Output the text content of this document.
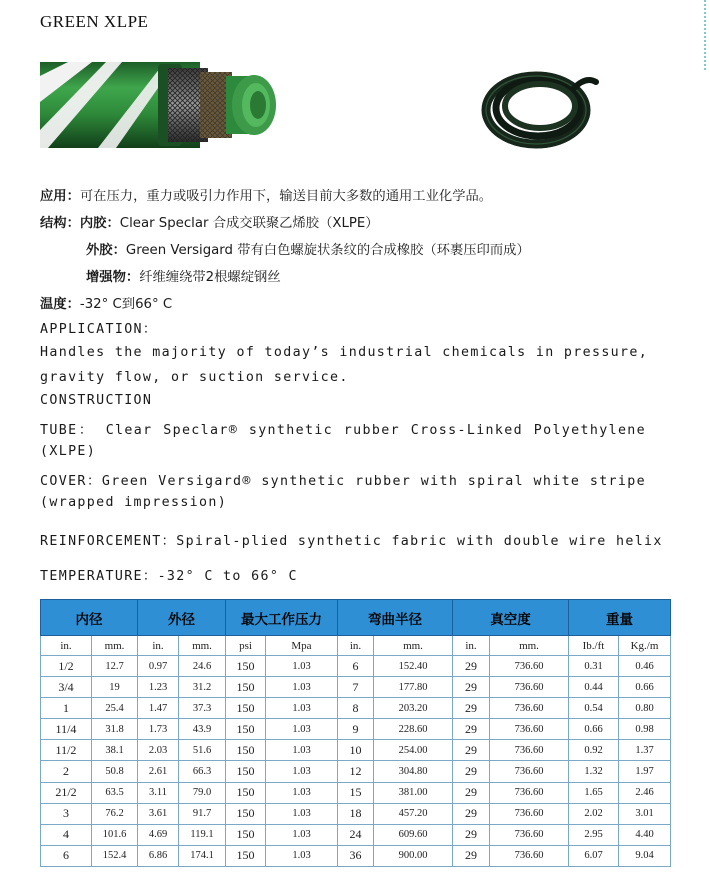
GREEN XLPE
应用：可在压力，重力或吸引力作用下，输送目前大多数的通用工业化学品。
结构：内胶：Clear Speclar 合成交联聚乙烯胶（XLPE）
外胶：Green Versigard 带有白色螺旋状条纹的合成橡胶（环裹压印而成）
增强物：纤维缠绕带2根螺绽钢丝
温度：-32° C到66° C
APPLICATION：
Handles the majority of today’s industrial chemicals in pressure,
gravity flow, or suction service.
CONSTRUCTION
TUBE： Clear Speclar® synthetic rubber Cross-Linked Polyethylene
(XLPE)
COVER：Green Versigard® synthetic rubber with spiral white stripe
(wrapped impression)
REINFORCEMENT：Spiral-plied synthetic fabric with double wire helix
TEMPERATURE：-32° C to 66° C
内径		外径		最大工作压力		弯曲半径		真空度		重量	
in.	mm.	in.	mm.	psi	Mpa	in.	mm.	in.	mm.	Ib./ft	Kg./m
1/2	12.7	0.97	24.6	150	1.03	6	152.40	29	736.60	0.31	0.46
3/4	19	1.23	31.2	150	1.03	7	177.80	29	736.60	0.44	0.66
1	25.4	1.47	37.3	150	1.03	8	203.20	29	736.60	0.54	0.80
11/4	31.8	1.73	43.9	150	1.03	9	228.60	29	736.60	0.66	0.98
11/2	38.1	2.03	51.6	150	1.03	10	254.00	29	736.60	0.92	1.37
2	50.8	2.61	66.3	150	1.03	12	304.80	29	736.60	1.32	1.97
21/2	63.5	3.11	79.0	150	1.03	15	381.00	29	736.60	1.65	2.46
3	76.2	3.61	91.7	150	1.03	18	457.20	29	736.60	2.02	3.01
4	101.6	4.69	119.1	150	1.03	24	609.60	29	736.60	2.95	4.40
6	152.4	6.86	174.1	150	1.03	36	900.00	29	736.60	6.07	9.04
